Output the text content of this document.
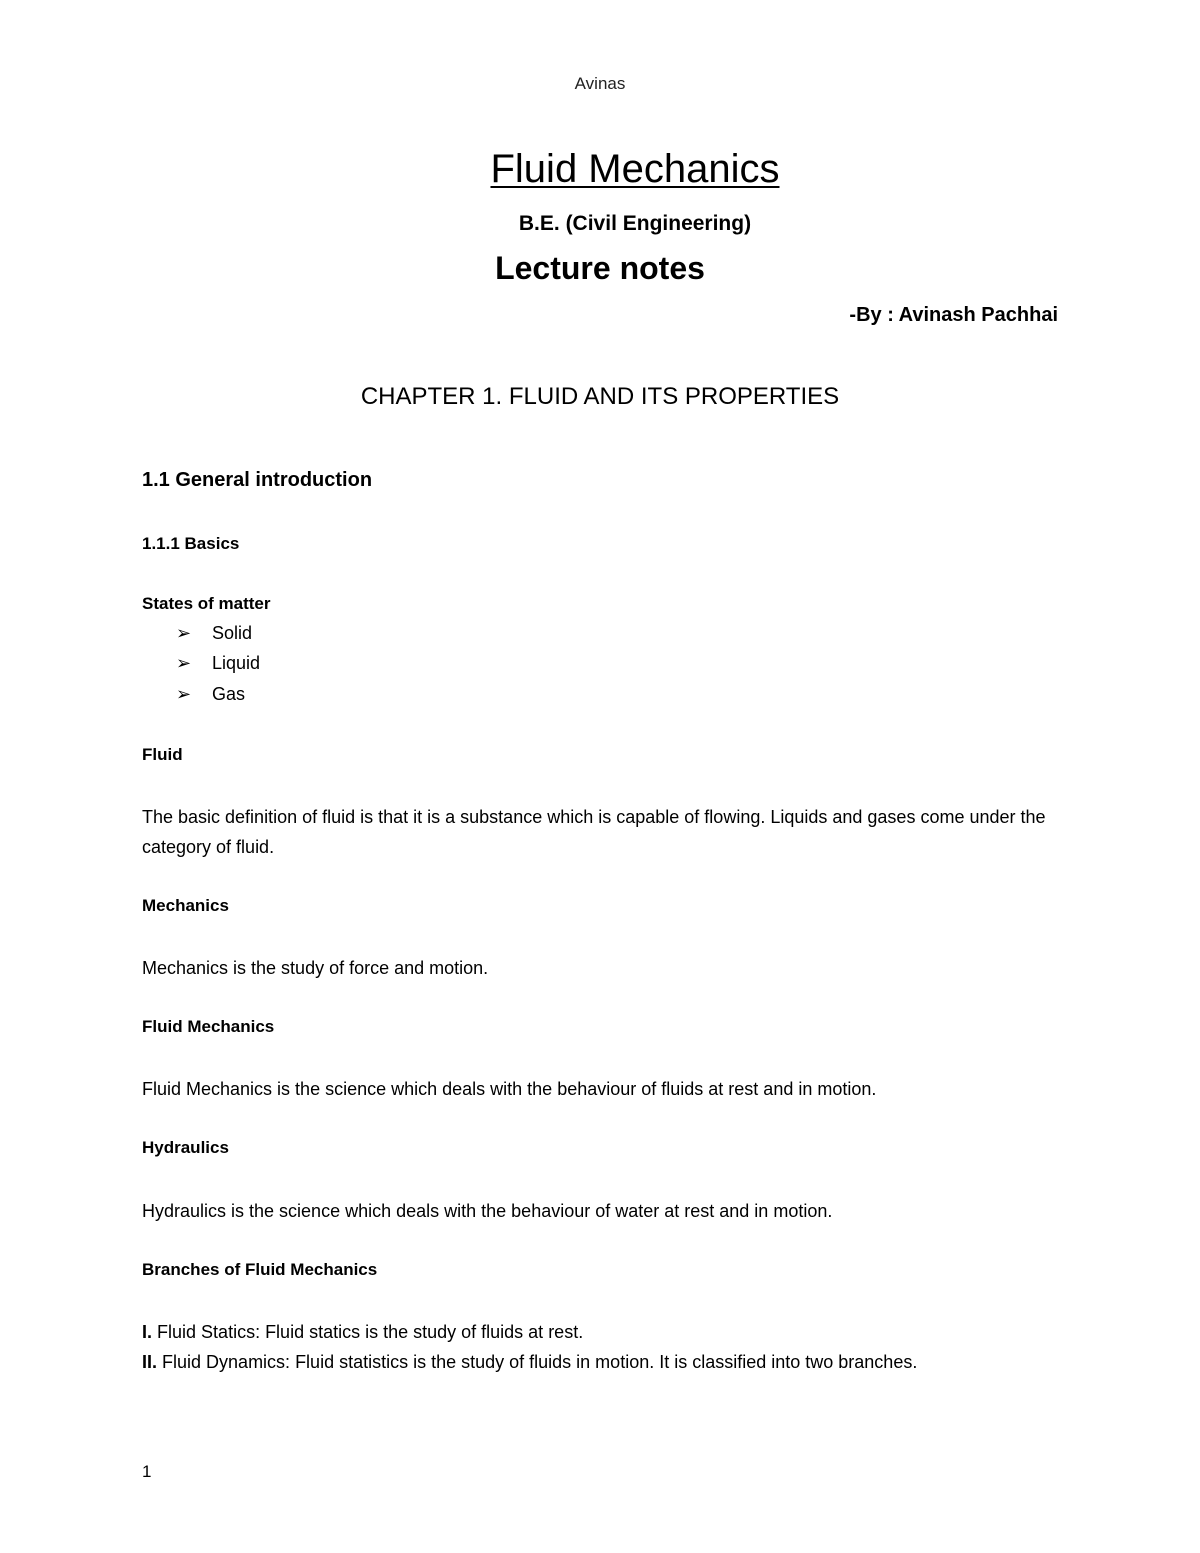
Avinas

Fluid Mechanics

B.E. (Civil Engineering)

Lecture notes

-By : Avinash Pachhai

CHAPTER 1. FLUID AND ITS PROPERTIES

1.1 General introduction

1.1.1 Basics

States of matter

➢ Solid
➢ Liquid
➢ Gas

Fluid

The basic definition of fluid is that it is a substance which is capable of flowing. Liquids and gases come under the category of fluid.

Mechanics

Mechanics is the study of force and motion.

Fluid Mechanics

Fluid Mechanics is the science which deals with the behaviour of fluids at rest and in motion.

Hydraulics

Hydraulics is the science which deals with the behaviour of water at rest and in motion.

Branches of Fluid Mechanics

I. Fluid Statics: Fluid statics is the study of fluids at rest.

II. Fluid Dynamics: Fluid statistics is the study of fluids in motion. It is classified into two branches.

1
